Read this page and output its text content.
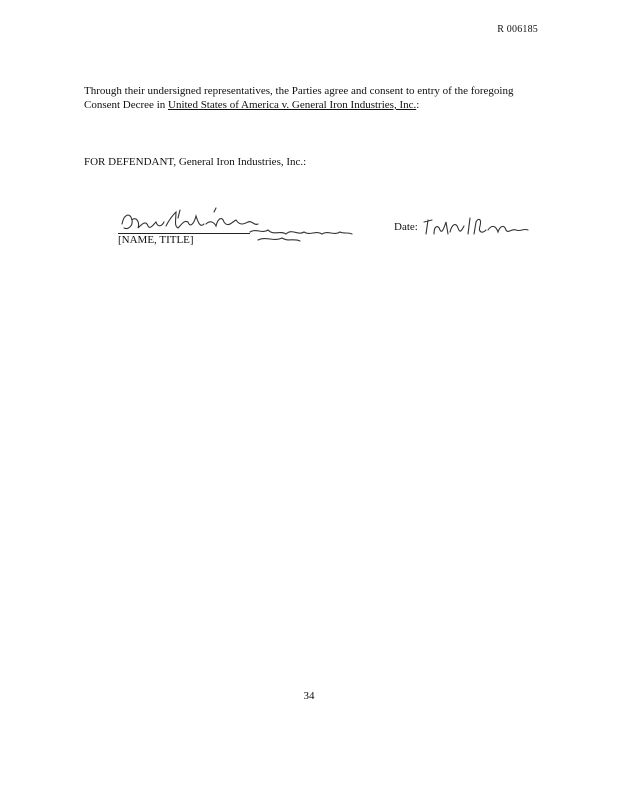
R 006185
Through their undersigned representatives, the Parties agree and consent to entry of the foregoing Consent Decree in United States of America v. General Iron Industries, Inc.:
FOR DEFENDANT, General Iron Industries, Inc.:
[NAME, TITLE]
Date:
34
